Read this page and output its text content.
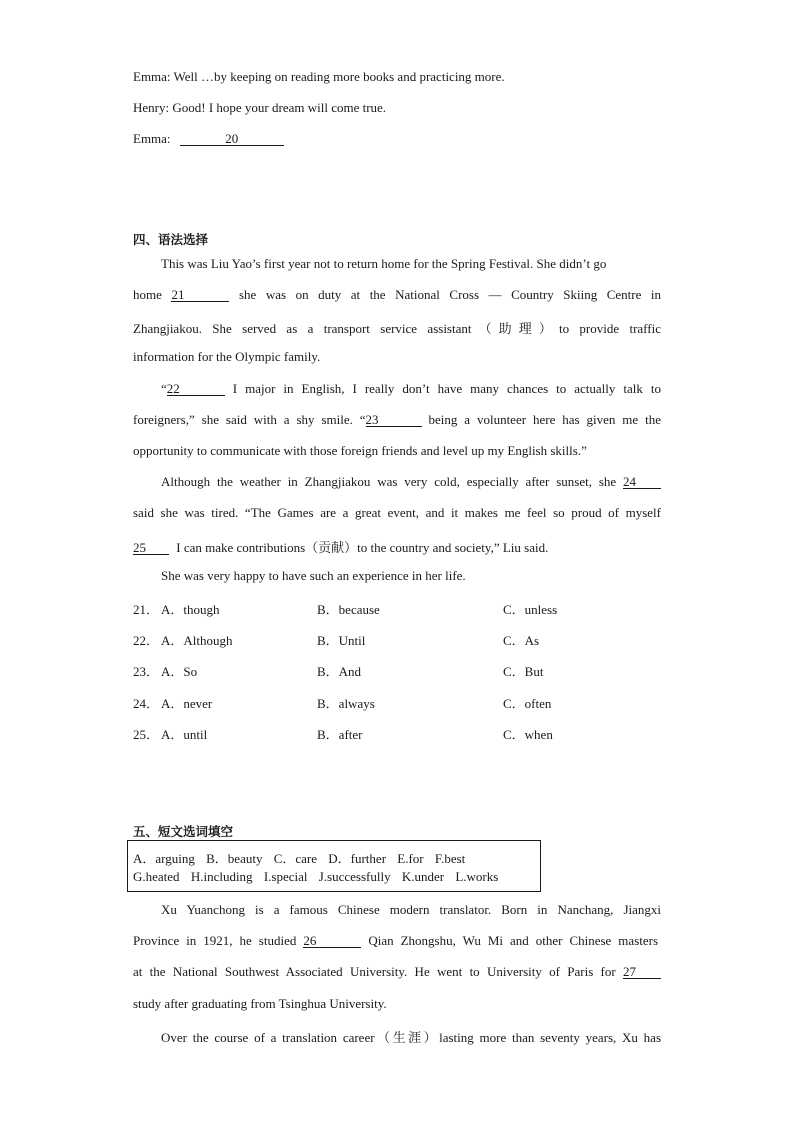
Emma: Well …by keeping on reading more books and practicing more.
Henry: Good! I hope your dream will come true.
Emma:	20
四、语法选择
This was Liu Yao’s first year not to return home for the Spring Festival. She didn’t go
home 21	she was on duty at the National Cross — Country Skiing Centre in
Zhangjiakou. She served as a transport service assistant（助理）to provide traffic
information for the Olympic family.
“22	I major in English, I really don’t have many chances to actually talk to
foreigners,” she said with a shy smile. “23	being a volunteer here has given me the
opportunity to communicate with those foreign friends and level up my English skills.”
Although the weather in Zhangjiakou was very cold, especially after sunset, she 24
said she was tired. “The Games are a great event, and it makes me feel so proud of myself
25 I can make contributions（贡献）to the country and society,” Liu said.
She was very happy to have such an experience in her life.
21． A．though	B．because	C．unless
22． A．Although	B．Until	C．As
23． A．So	B．And	C．But
24． A．never	B．always	C．often
25． A．until	B．after	C．when
五、短文选词填空
A．arguing B．beauty C．care D．further E.for F.best
G.heated H.including I.special J.successfully K.under L.works
Xu Yuanchong is a famous Chinese modern translator. Born in Nanchang, Jiangxi
Province in 1921, he studied 26	Qian Zhongshu, Wu Mi and other Chinese masters
at the National Southwest Associated University. He went to University of Paris for 27
study after graduating from Tsinghua University.
Over the course of a translation career（生涯）lasting more than seventy years, Xu has
